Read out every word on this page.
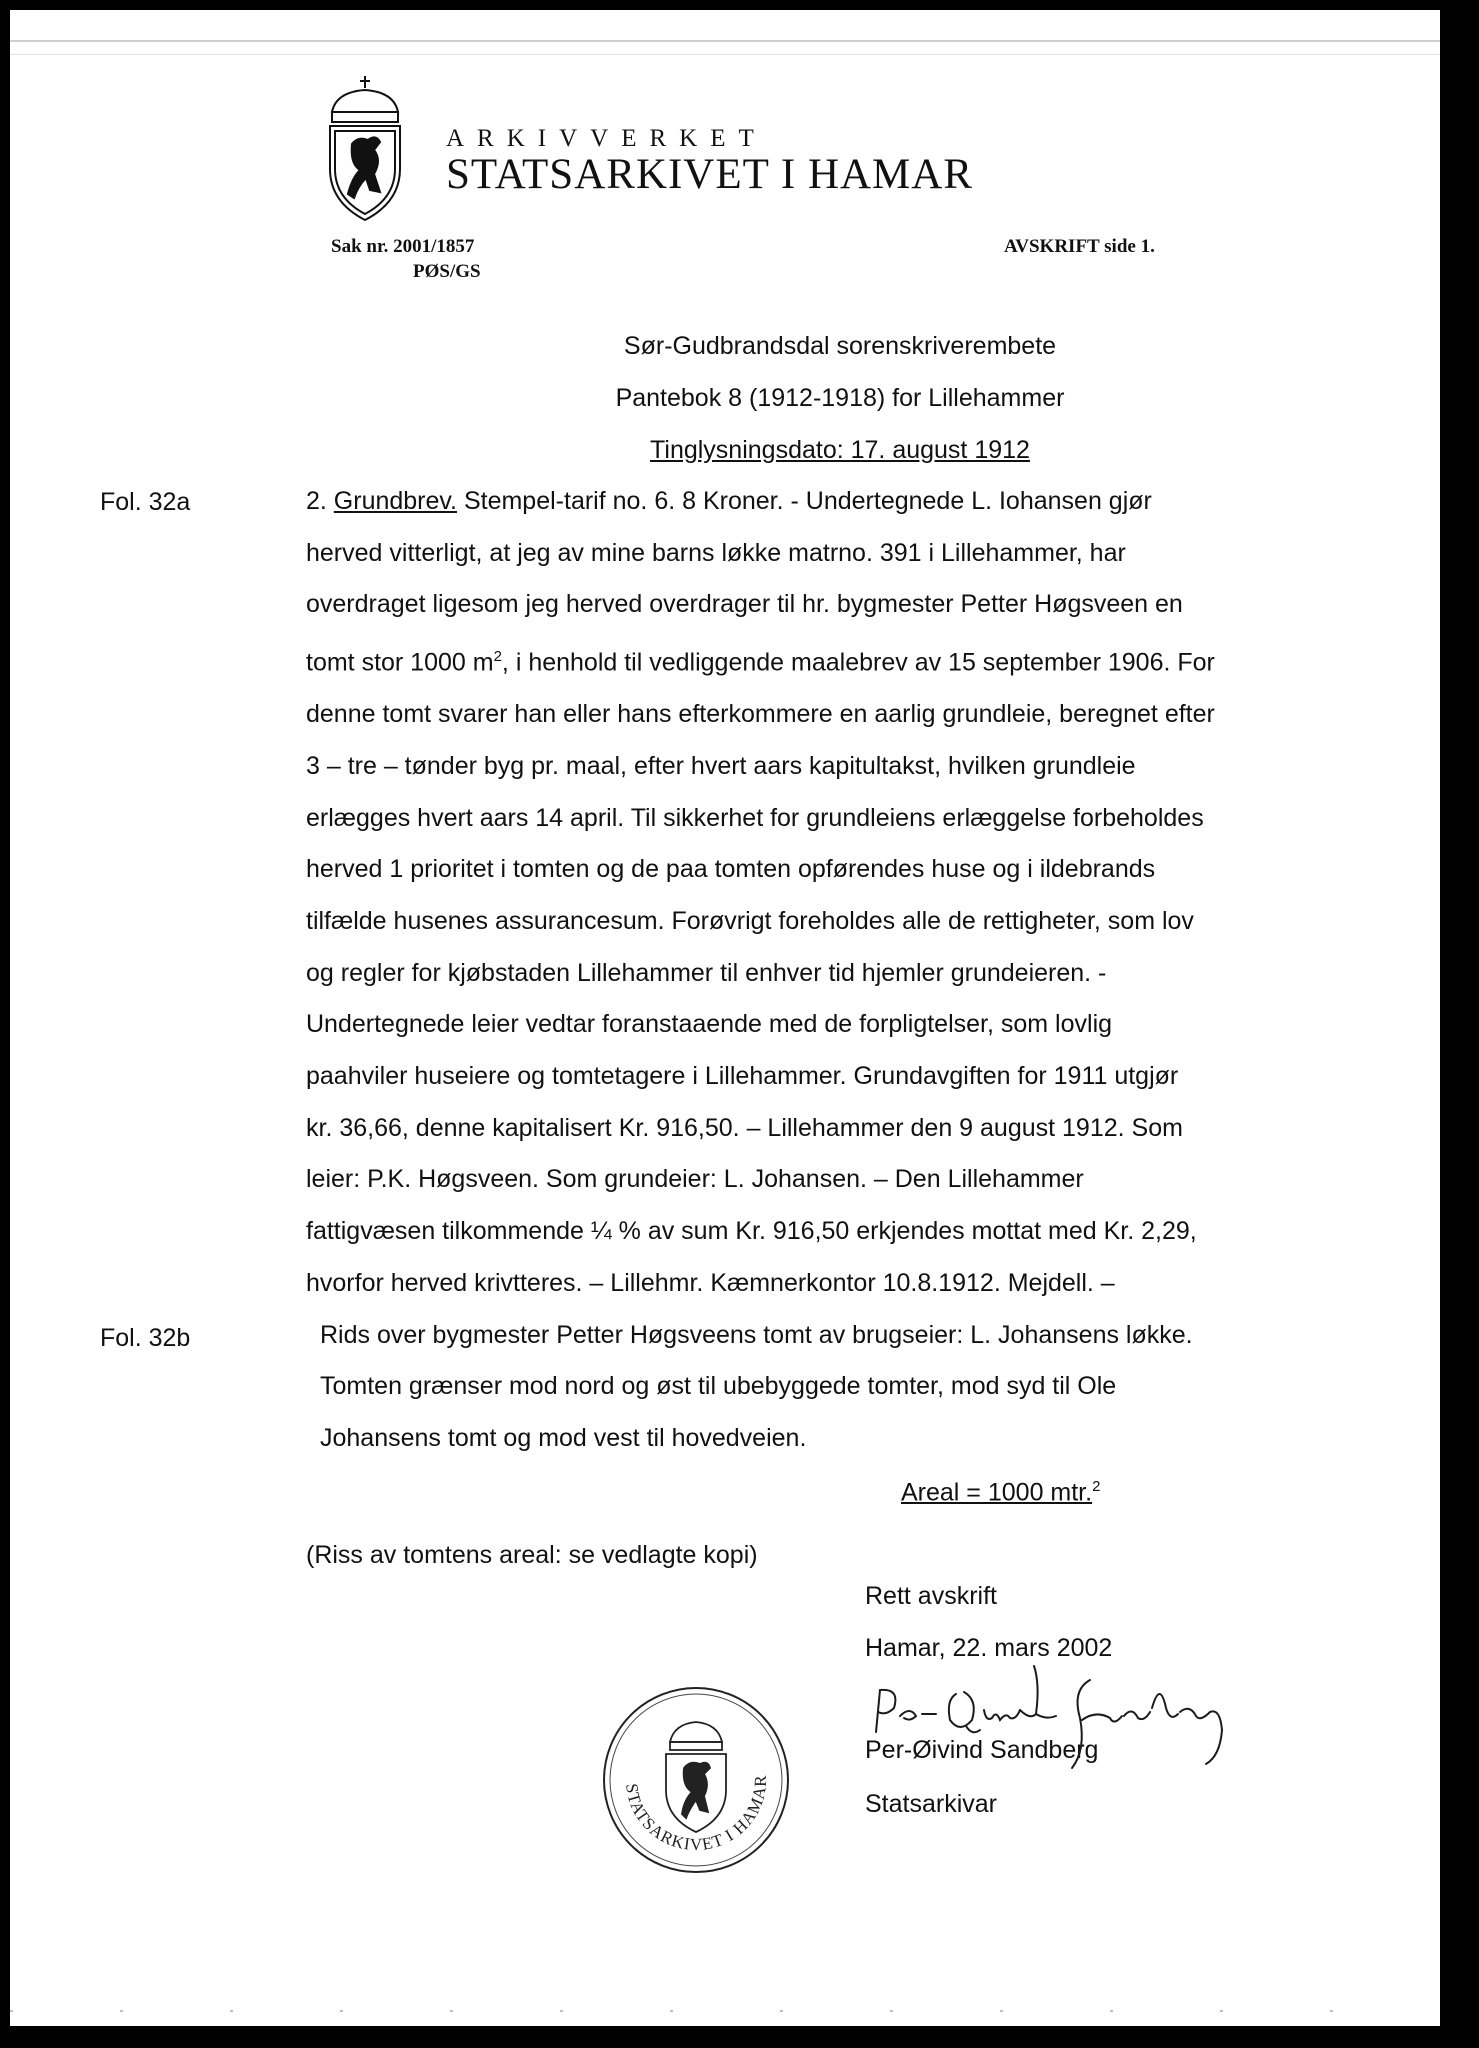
ARKIVVERKET
STATSARKIVET I HAMAR
Sak nr. 2001/1857
PØS/GS
AVSKRIFT side 1.
Sør-Gudbrandsdal sorenskriverembete
Pantebok 8 (1912-1918) for Lillehammer
Tinglysningsdato: 17. august 1912
Fol. 32a
Fol. 32b

2. Grundbrev. Stempel-tarif no. 6. 8 Kroner. - Undertegnede L. Iohansen gjør

herved vitterligt, at jeg av mine barns løkke matrno. 391 i Lillehammer, har

overdraget ligesom jeg herved overdrager til hr. bygmester Petter Høgsveen en

tomt stor 1000 $m^2$, i henhold til vedliggende maalebrev av 15 september 1906. For

denne tomt svarer han eller hans efterkommere en aarlig grundleie, beregnet efter

3 – tre – tønder byg pr. maal, efter hvert aars kapitultakst, hvilken grundleie

erlægges hvert aars 14 april. Til sikkerhet for grundleiens erlæggelse forbeholdes

herved 1 prioritet i tomten og de paa tomten opførendes huse og i ildebrands

tilfælde husenes assurancesum. Forøvrigt foreholdes alle de rettigheter, som lov

og regler for kjøbstaden Lillehammer til enhver tid hjemler grundeieren. -

Undertegnede leier vedtar foranstaaende med de forpligtelser, som lovlig

paahviler huseiere og tomtetagere i Lillehammer. Grundavgiften for 1911 utgjør

kr. 36,66, denne kapitalisert Kr. 916,50. – Lillehammer den 9 august 1912. Som

leier: P.K. Høgsveen. Som grundeier: L. Johansen. – Den Lillehammer

fattigvæsen tilkommende ¼ % av sum Kr. 916,50 erkjendes mottat med Kr. 2,29,

hvorfor herved krivtteres. – Lillehmr. Kæmnerkontor 10.8.1912. Mejdell. –

Rids over bygmester Petter Høgsveens tomt av brugseier: L. Johansens løkke.

Tomten grænser mod nord og øst til ubebyggede tomter, mod syd til Ole

Johansens tomt og mod vest til hovedveien.

Areal = 1000 mtr.$^2$
(Riss av tomtens areal: se vedlagte kopi)
Rett avskrift
Hamar, 22. mars 2002
Per-Øivind Sandberg
Statsarkivar
STATSARKIVET I HAMAR
